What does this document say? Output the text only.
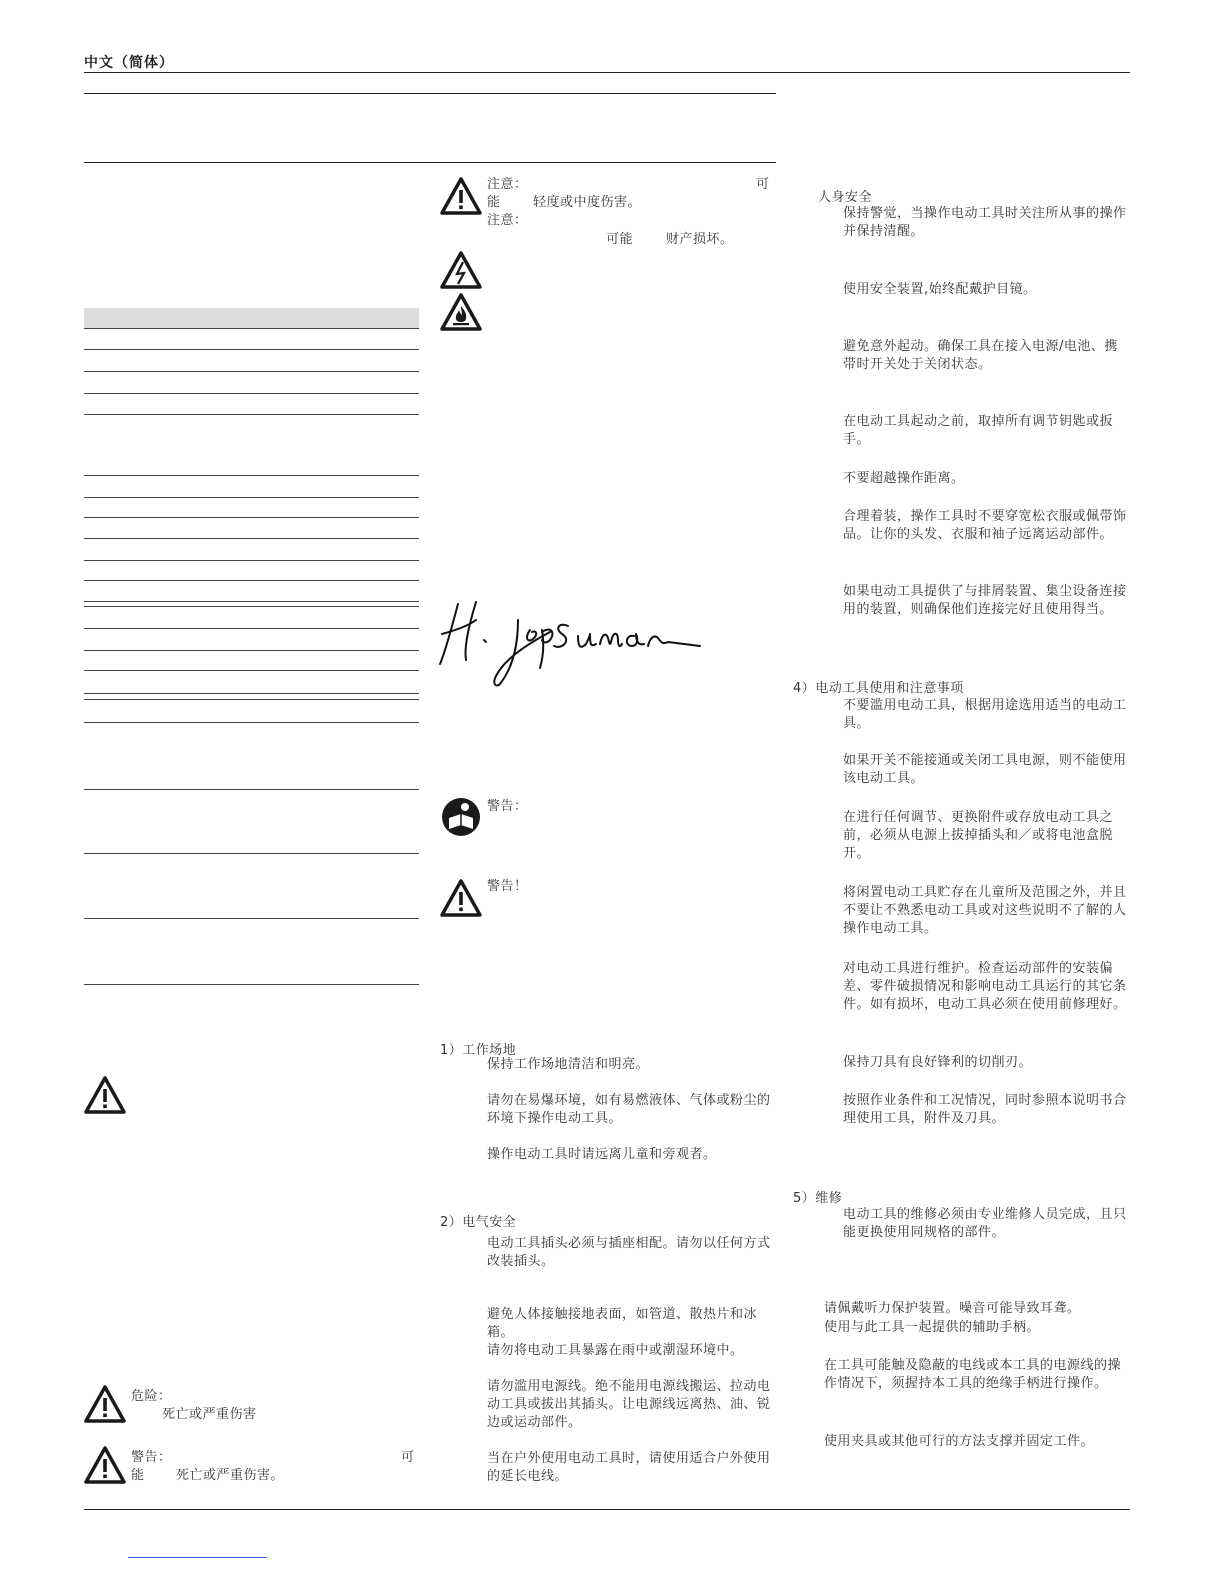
中文（简体）
危险：
死亡或严重伤害
警告：	可
能 死亡或严重伤害。
注意：	可
能 轻度或中度伤害。
注意：
可能	财产损坏。
警告：
警告！
1）工作场地
保持工作场地清洁和明亮。
请勿在易爆环境，如有易燃液体、气体或粉尘的环境下操作电动工具。
操作电动工具时请远离儿童和旁观者。
2）电气安全
电动工具插头必须与插座相配。请勿以任何方式改装插头。
避免人体接触接地表面，如管道、散热片和冰箱。
请勿将电动工具暴露在雨中或潮湿环境中。
请勿滥用电源线。绝不能用电源线搬运、拉动电动工具或拔出其插头。让电源线远离热、油、锐边或运动部件。
当在户外使用电动工具时，请使用适合户外使用的延长电线。
人身安全
保持警觉，当操作电动工具时关注所从事的操作并保持清醒。
使用安全装置,始终配戴护目镜。
避免意外起动。确保工具在接入电源/电池、携带时开关处于关闭状态。
在电动工具起动之前，取掉所有调节钥匙或扳手。
不要超越操作距离。
合理着装，操作工具时不要穿宽松衣服或佩带饰品。让你的头发、衣服和袖子远离运动部件。
如果电动工具提供了与排屑装置、集尘设备连接用的装置，则确保他们连接完好且使用得当。
4）电动工具使用和注意事项
不要滥用电动工具，根据用途选用适当的电动工具。
如果开关不能接通或关闭工具电源，则不能使用该电动工具。
在进行任何调节、更换附件或存放电动工具之前，必须从电源上拔掉插头和／或将电池盒脱开。
将闲置电动工具贮存在儿童所及范围之外，并且不要让不熟悉电动工具或对这些说明不了解的人操作电动工具。
对电动工具进行维护。检查运动部件的安装偏差、零件破损情况和影响电动工具运行的其它条件。如有损坏，电动工具必须在使用前修理好。
保持刀具有良好锋利的切削刃。
按照作业条件和工况情况，同时参照本说明书合理使用工具，附件及刀具。
5）维修
电动工具的维修必须由专业维修人员完成，且只能更换使用同规格的部件。
请佩戴听力保护装置。噪音可能导致耳聋。
使用与此工具一起提供的辅助手柄。
在工具可能触及隐蔽的电线或本工具的电源线的操作情况下，须握持本工具的绝缘手柄进行操作。
使用夹具或其他可行的方法支撑并固定工件。
